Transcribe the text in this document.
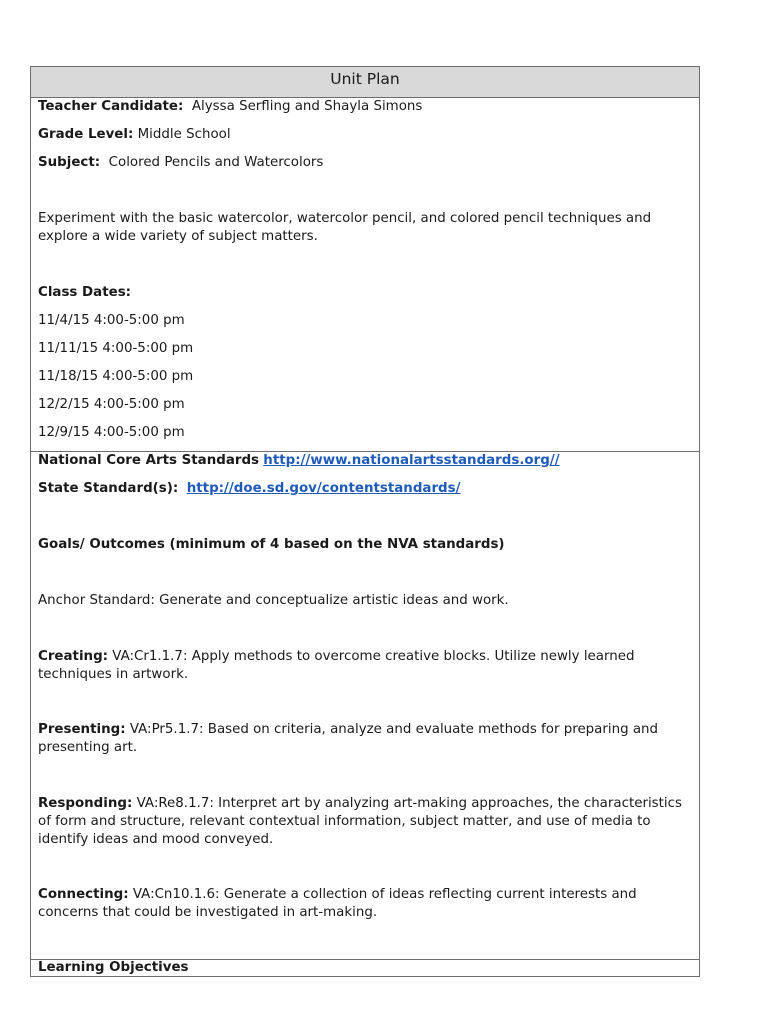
Unit Plan
Teacher Candidate: Alyssa Serfling and Shayla Simons
Grade Level: Middle School
Subject: Colored Pencils and Watercolors
Experiment with the basic watercolor, watercolor pencil, and colored pencil techniques and explore a wide variety of subject matters.
Class Dates:
11/4/15 4:00-5:00 pm
11/11/15 4:00-5:00 pm
11/18/15 4:00-5:00 pm
12/2/15 4:00-5:00 pm
12/9/15 4:00-5:00 pm
National Core Arts Standards http://www.nationalartsstandards.org//
State Standard(s): http://doe.sd.gov/contentstandards/
Goals/ Outcomes (minimum of 4 based on the NVA standards)
Anchor Standard: Generate and conceptualize artistic ideas and work.
Creating: VA:Cr1.1.7: Apply methods to overcome creative blocks. Utilize newly learned techniques in artwork.
Presenting: VA:Pr5.1.7: Based on criteria, analyze and evaluate methods for preparing and presenting art.
Responding: VA:Re8.1.7: Interpret art by analyzing art-making approaches, the characteristics of form and structure, relevant contextual information, subject matter, and use of media to identify ideas and mood conveyed.
Connecting: VA:Cn10.1.6: Generate a collection of ideas reflecting current interests and concerns that could be investigated in art-making.
Learning Objectives
